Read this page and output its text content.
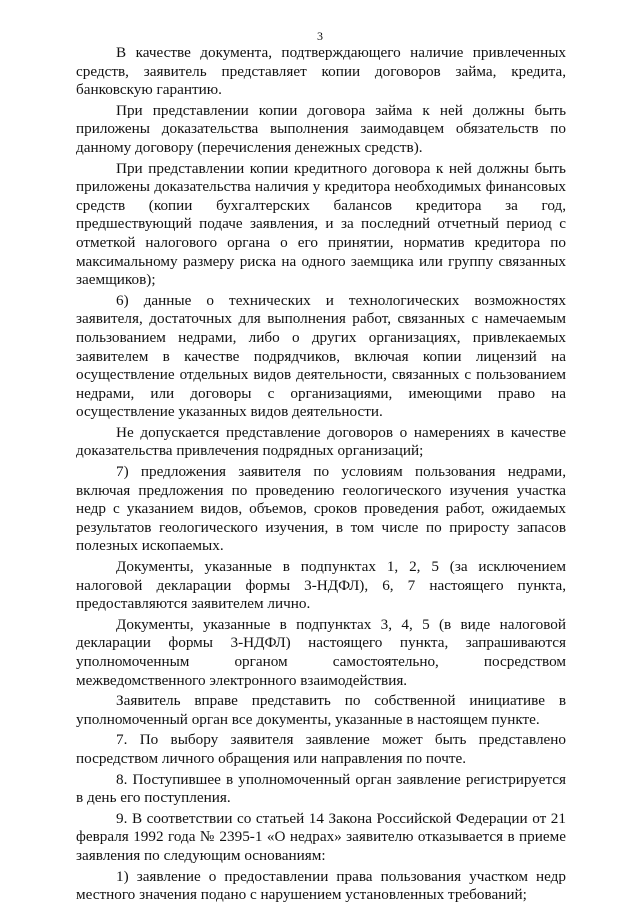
3

В качестве документа, подтверждающего наличие привлеченных средств, заявитель представляет копии договоров займа, кредита, банковскую гарантию.

При представлении копии договора займа к ней должны быть приложены доказательства выполнения заимодавцем обязательств по данному договору (перечисления денежных средств).

При представлении копии кредитного договора к ней должны быть приложены доказательства наличия у кредитора необходимых финансовых средств (копии бухгалтерских балансов кредитора за год, предшествующий подаче заявления, и за последний отчетный период с отметкой налогового органа о его принятии, норматив кредитора по максимальному размеру риска на одного заемщика или группу связанных заемщиков);

6) данные о технических и технологических возможностях заявителя, достаточных для выполнения работ, связанных с намечаемым пользованием недрами, либо о других организациях, привлекаемых заявителем в качестве подрядчиков, включая копии лицензий на осуществление отдельных видов деятельности, связанных с пользованием недрами, или договоры с организациями, имеющими право на осуществление указанных видов деятельности.

Не допускается представление договоров о намерениях в качестве доказательства привлечения подрядных организаций;

7) предложения заявителя по условиям пользования недрами, включая предложения по проведению геологического изучения участка недр с указанием видов, объемов, сроков проведения работ, ожидаемых результатов геологического изучения, в том числе по приросту запасов полезных ископаемых.

Документы, указанные в подпунктах 1, 2, 5 (за исключением налоговой декларации формы 3-НДФЛ), 6, 7 настоящего пункта, предоставляются заявителем лично.

Документы, указанные в подпунктах 3, 4, 5 (в виде налоговой декларации формы 3-НДФЛ) настоящего пункта, запрашиваются уполномоченным органом самостоятельно, посредством межведомственного электронного взаимодействия.

Заявитель вправе представить по собственной инициативе в уполномоченный орган все документы, указанные в настоящем пункте.

7. По выбору заявителя заявление может быть представлено посредством личного обращения или направления по почте.

8. Поступившее в уполномоченный орган заявление регистрируется в день его поступления.

9. В соответствии со статьей 14 Закона Российской Федерации от 21 февраля 1992 года № 2395-1 «О недрах» заявителю отказывается в приеме заявления по следующим основаниям:

1) заявление о предоставлении права пользования участком недр местного значения подано с нарушением установленных требований;
